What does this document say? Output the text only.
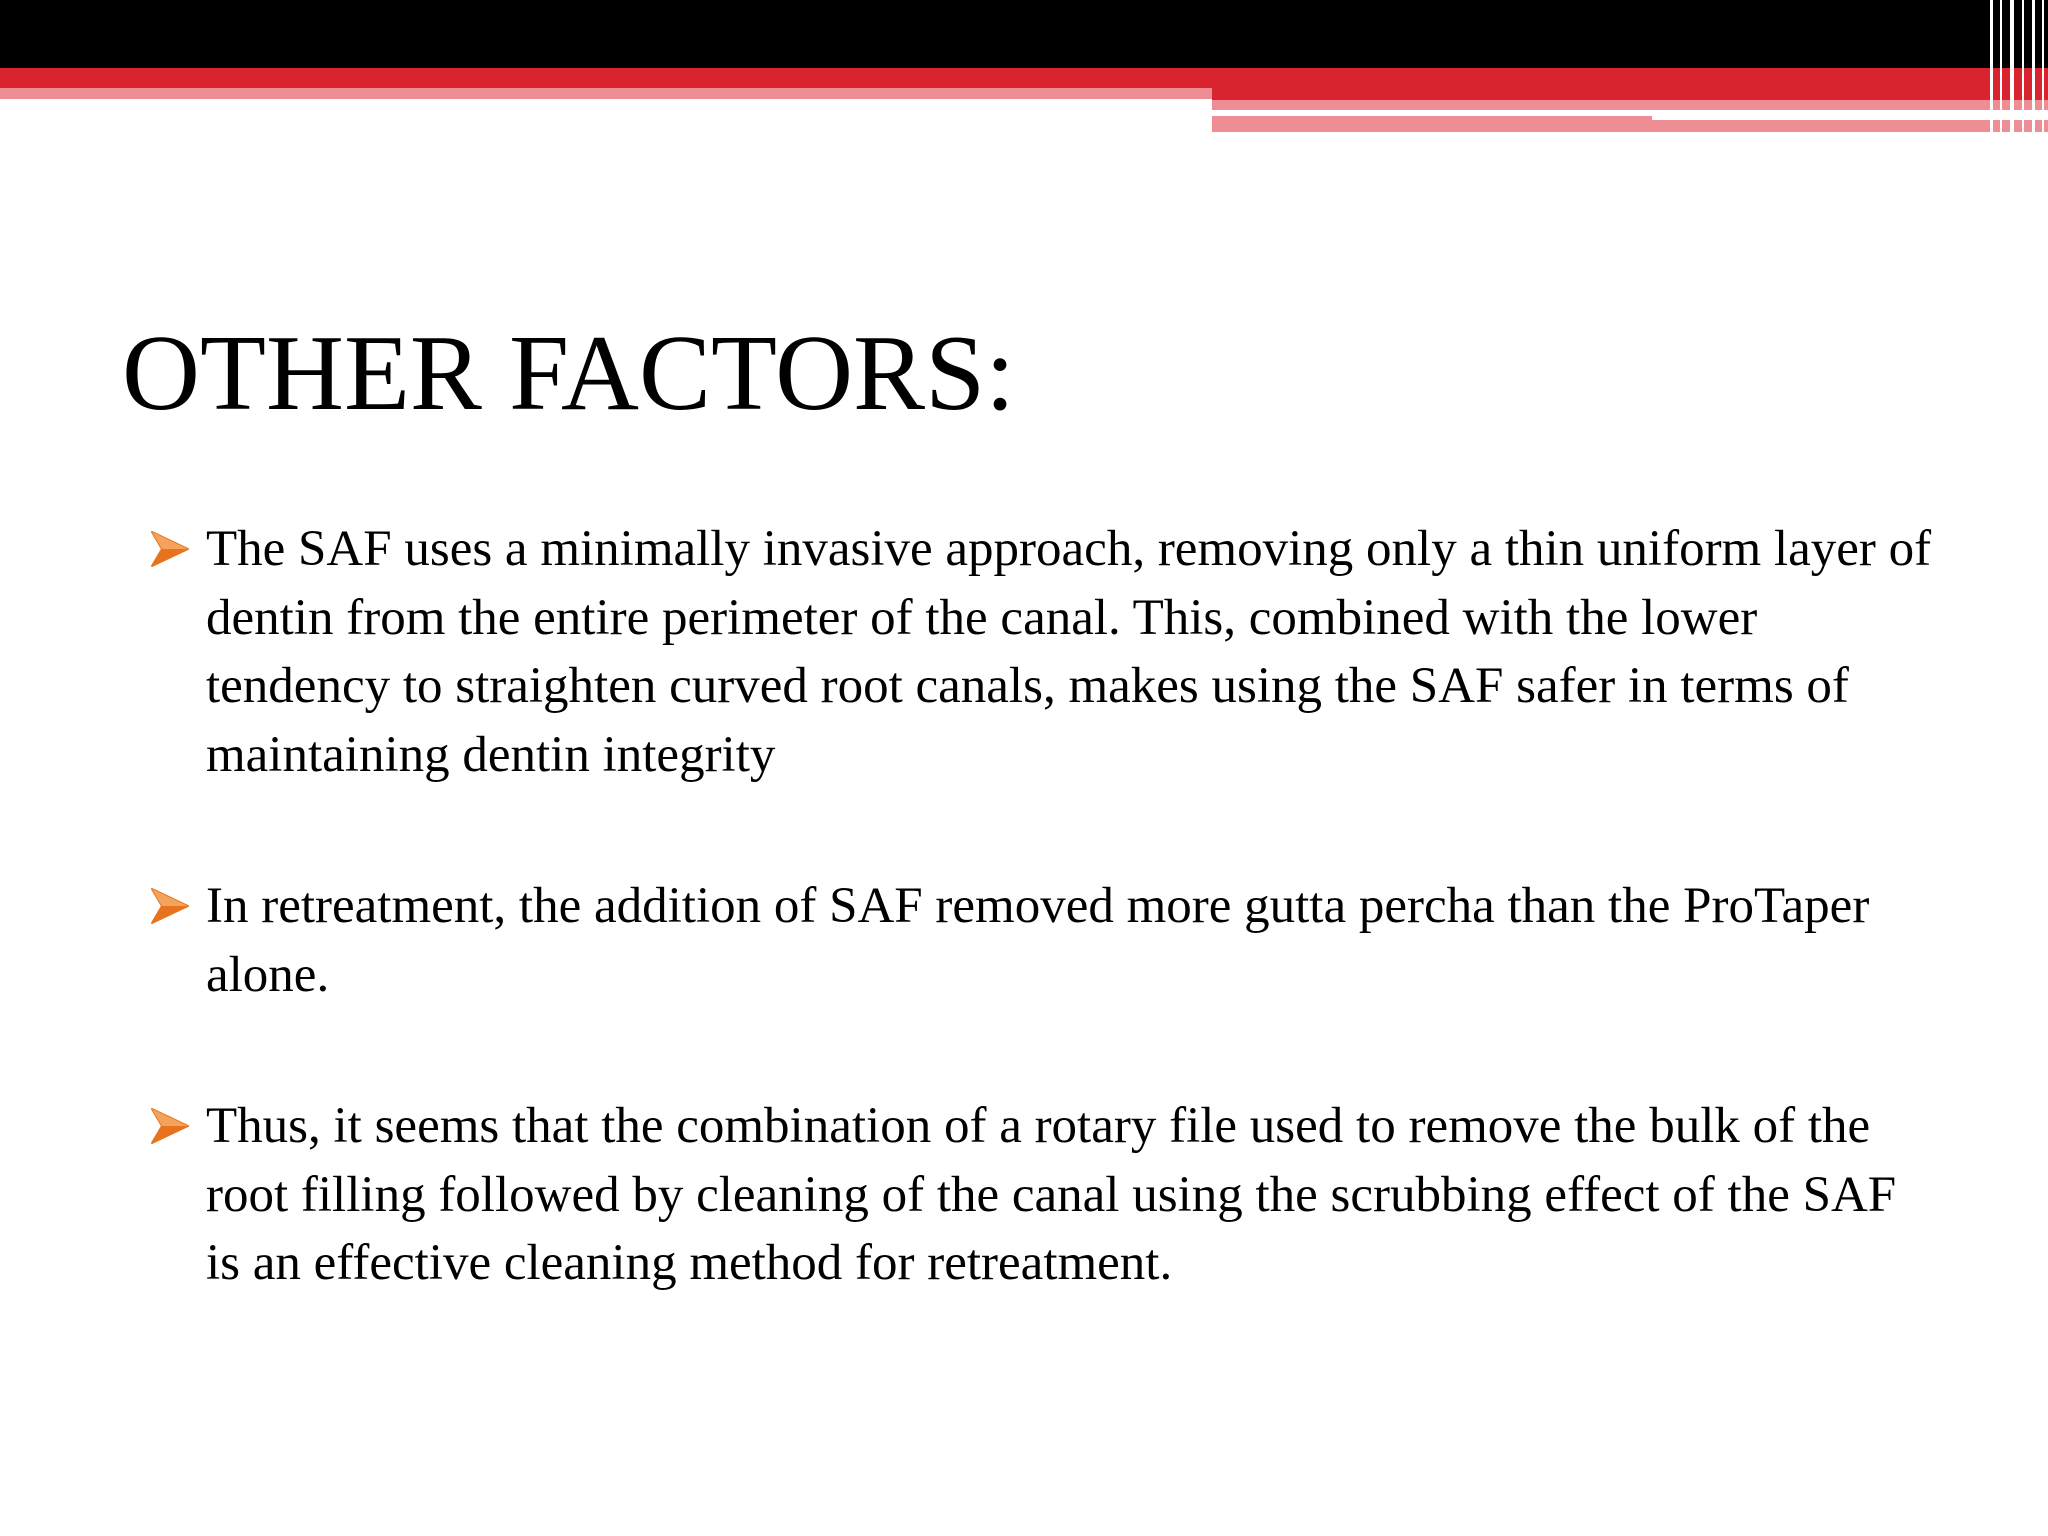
OTHER FACTORS:
The SAF uses a minimally invasive approach, removing only a thin uniform layer of dentin from the entire perimeter of the canal. This, combined with the lower tendency to straighten curved root canals, makes using the SAF safer in terms of maintaining dentin integrity
In retreatment, the addition of SAF removed more gutta percha than the ProTaper alone.
Thus, it seems that the combination of a rotary file used to remove the bulk of the root filling followed by cleaning of the canal using the scrubbing effect of the SAF is an effective cleaning method for retreatment.
